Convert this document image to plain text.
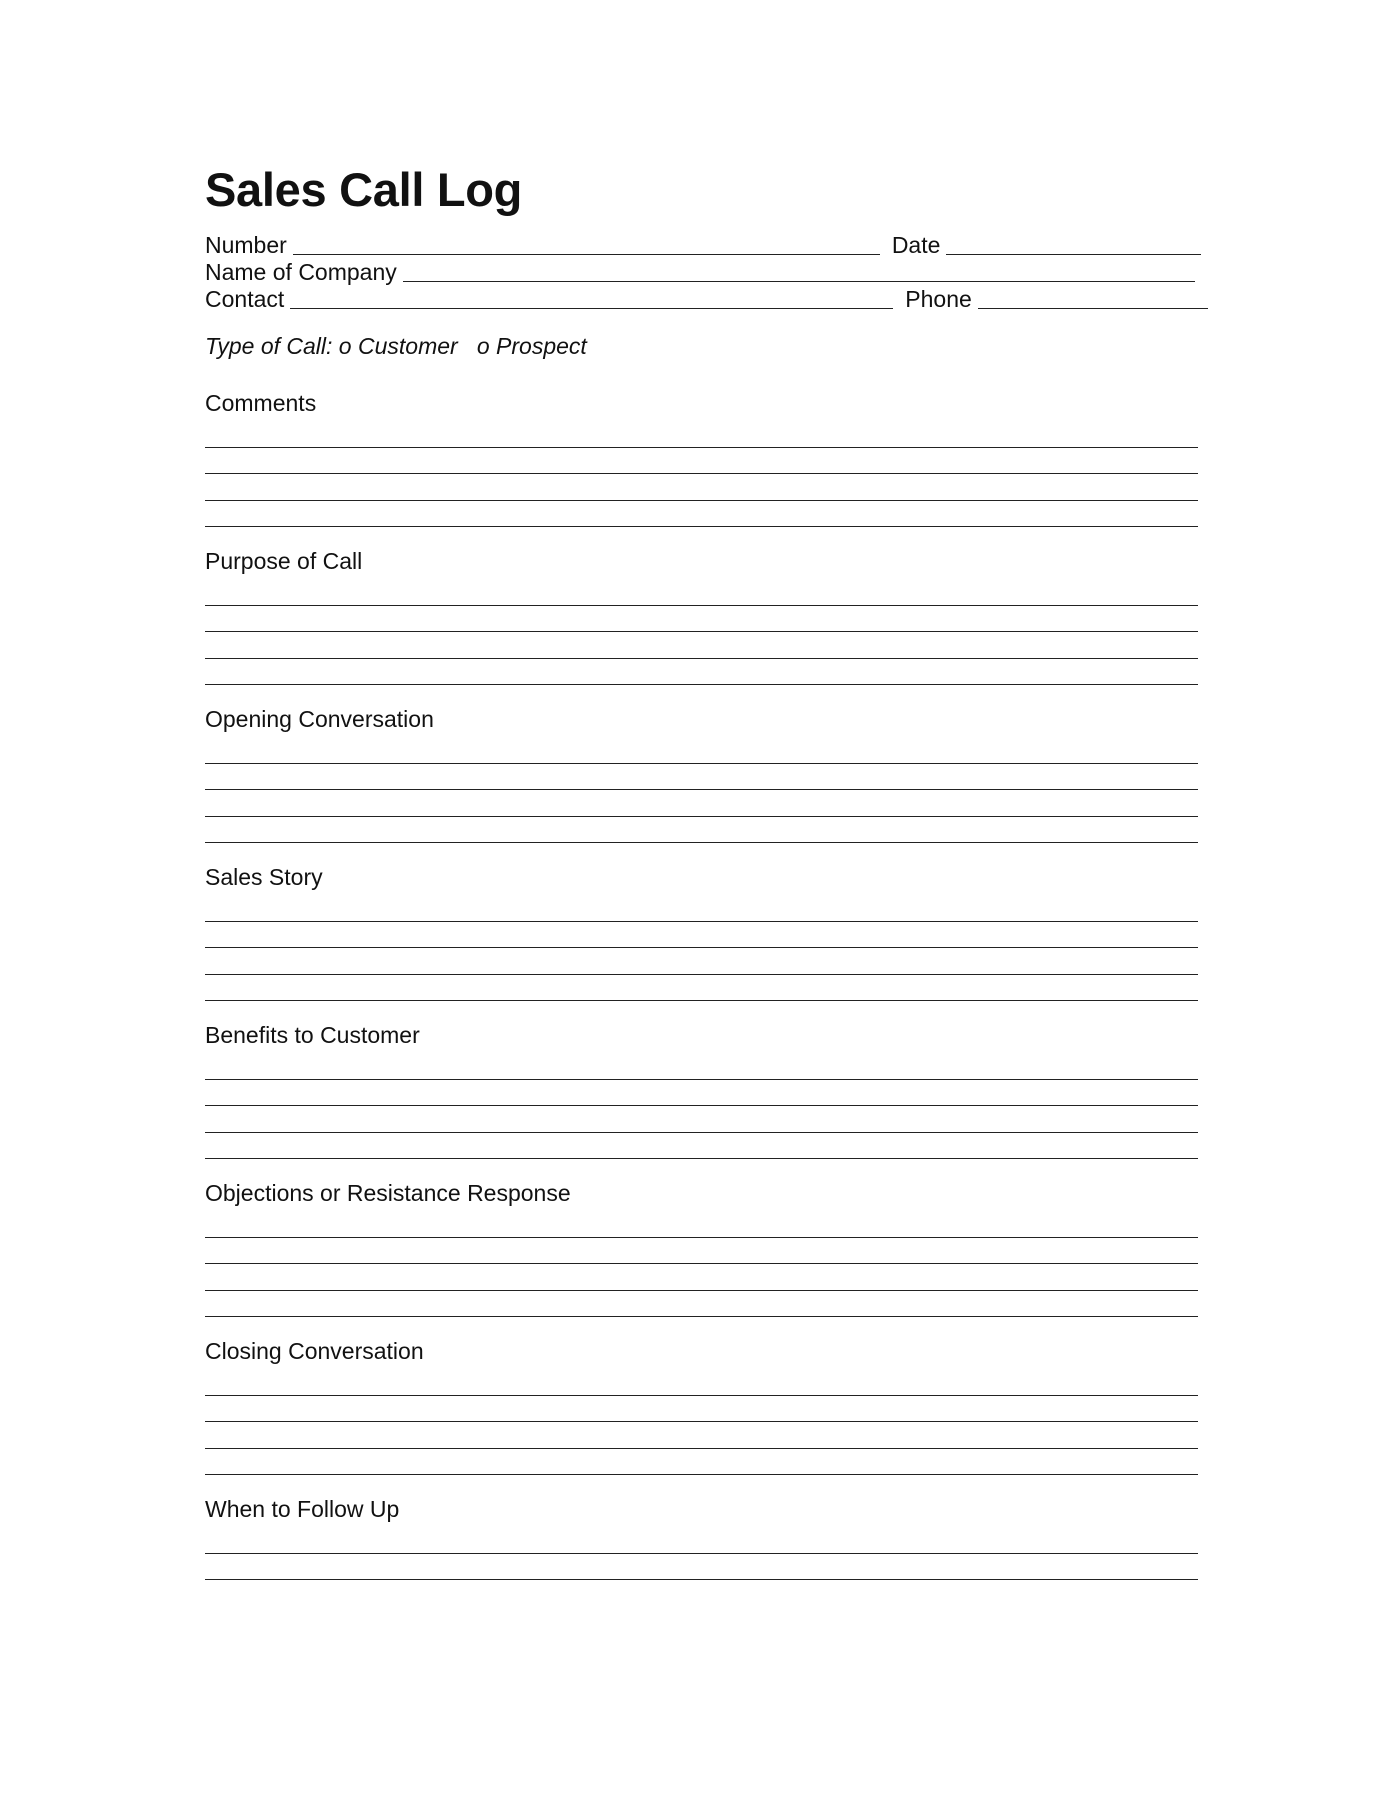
Sales Call Log
Number	Date
Name of Company
Contact	Phone
Type of Call: o Customer o Prospect
Comments
Purpose of Call
Opening Conversation
Sales Story
Benefits to Customer
Objections or Resistance Response
Closing Conversation
When to Follow Up
